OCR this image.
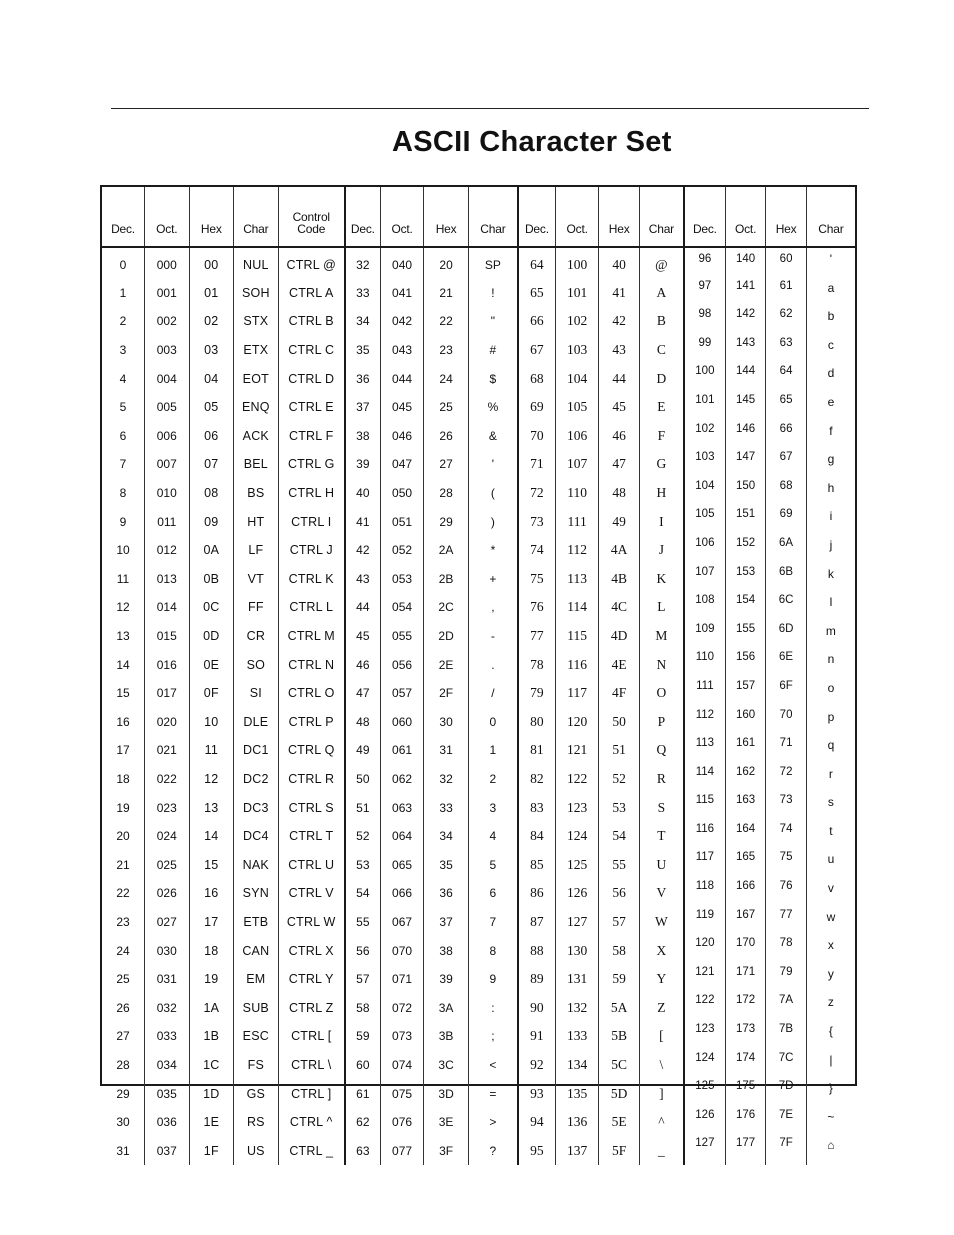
ASCII Character Set
Dec.	Oct.	Hex	Char	Control Code	Dec.	Oct.	Hex	Char	Dec.	Oct.	Hex	Char	Dec.	Oct.	Hex	Char
0	000	00	NUL	CTRL @	32	040	20	SP	64	100	40	@	96	140	60	'
1	001	01	SOH	CTRL A	33	041	21	!	65	101	41	A	97	141	61	a
2	002	02	STX	CTRL B	34	042	22	"	66	102	42	B	98	142	62	b
3	003	03	ETX	CTRL C	35	043	23	#	67	103	43	C	99	143	63	c
4	004	04	EOT	CTRL D	36	044	24	$	68	104	44	D	100	144	64	d
5	005	05	ENQ	CTRL E	37	045	25	%	69	105	45	E	101	145	65	e
6	006	06	ACK	CTRL F	38	046	26	&	70	106	46	F	102	146	66	f
7	007	07	BEL	CTRL G	39	047	27	'	71	107	47	G	103	147	67	g
8	010	08	BS	CTRL H	40	050	28	(	72	110	48	H	104	150	68	h
9	011	09	HT	CTRL I	41	051	29	)	73	111	49	I	105	151	69	i
10	012	0A	LF	CTRL J	42	052	2A	*	74	112	4A	J	106	152	6A	j
11	013	0B	VT	CTRL K	43	053	2B	+	75	113	4B	K	107	153	6B	k
12	014	0C	FF	CTRL L	44	054	2C	,	76	114	4C	L	108	154	6C	l
13	015	0D	CR	CTRL M	45	055	2D	-	77	115	4D	M	109	155	6D	m
14	016	0E	SO	CTRL N	46	056	2E	.	78	116	4E	N	110	156	6E	n
15	017	0F	SI	CTRL O	47	057	2F	/	79	117	4F	O	111	157	6F	o
16	020	10	DLE	CTRL P	48	060	30	0	80	120	50	P	112	160	70	p
17	021	11	DC1	CTRL Q	49	061	31	1	81	121	51	Q	113	161	71	q
18	022	12	DC2	CTRL R	50	062	32	2	82	122	52	R	114	162	72	r
19	023	13	DC3	CTRL S	51	063	33	3	83	123	53	S	115	163	73	s
20	024	14	DC4	CTRL T	52	064	34	4	84	124	54	T	116	164	74	t
21	025	15	NAK	CTRL U	53	065	35	5	85	125	55	U	117	165	75	u
22	026	16	SYN	CTRL V	54	066	36	6	86	126	56	V	118	166	76	v
23	027	17	ETB	CTRL W	55	067	37	7	87	127	57	W	119	167	77	w
24	030	18	CAN	CTRL X	56	070	38	8	88	130	58	X	120	170	78	x
25	031	19	EM	CTRL Y	57	071	39	9	89	131	59	Y	121	171	79	y
26	032	1A	SUB	CTRL Z	58	072	3A	:	90	132	5A	Z	122	172	7A	z
27	033	1B	ESC	CTRL [	59	073	3B	;	91	133	5B	[	123	173	7B	{
28	034	1C	FS	CTRL \	60	074	3C	<	92	134	5C	\	124	174	7C	|
29	035	1D	GS	CTRL ]	61	075	3D	=	93	135	5D	]	125	175	7D	}
30	036	1E	RS	CTRL ^	62	076	3E	>	94	136	5E	^	126	176	7E	~
31	037	1F	US	CTRL _	63	077	3F	?	95	137	5F	_	127	177	7F	⌂
